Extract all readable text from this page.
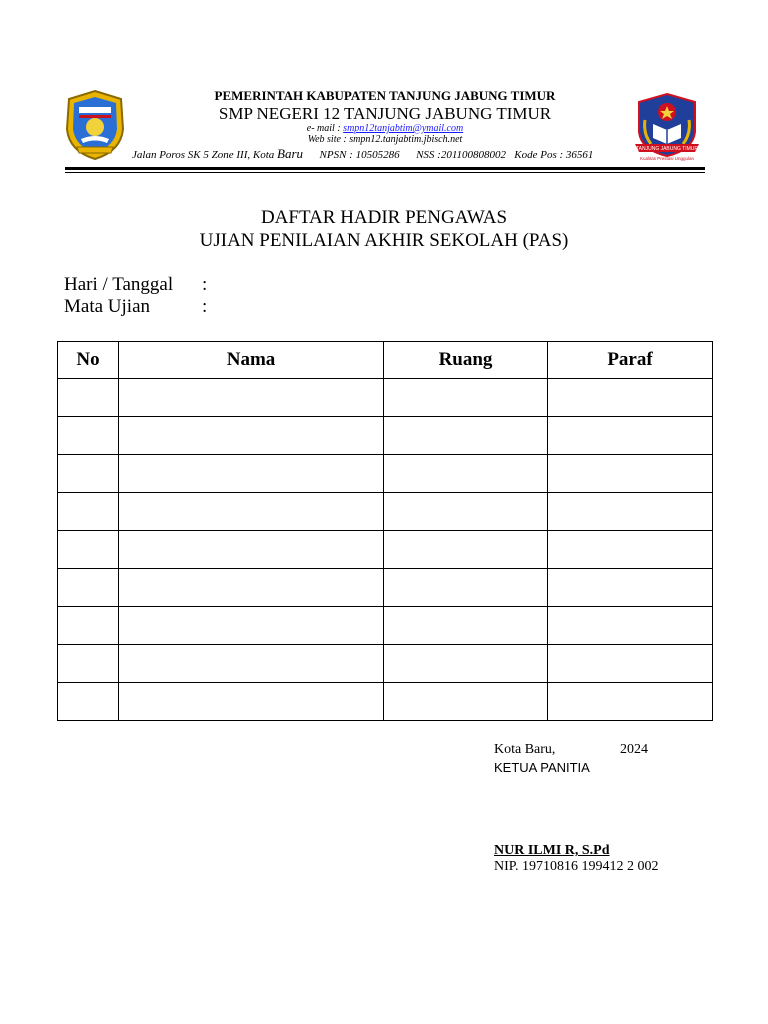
TANJUNG JABUNG TIMUR
Kualitas Prestasi Unggulan
PEMERINTAH KABUPATEN TANJUNG JABUNG TIMUR
SMP NEGERI 12 TANJUNG JABUNG TIMUR
e- mail : smpn12tanjabtim@ymail.com
Web site : smpn12.tanjabtim.jbisch.net
Jalan Poros SK 5 Zone III, Kota Baru      NPSN : 10505286      NSS :201100808002   Kode Pos : 36561
DAFTAR HADIR PENGAWAS
UJIAN PENILAIAN AKHIR SEKOLAH (PAS)
Hari / Tanggal :
Mata Ujian	:
No	Nama	Ruang	Paraf

Kota Baru,	2024
KETUA PANITIA
NUR ILMI R, S.Pd
NIP. 19710816 199412 2 002
